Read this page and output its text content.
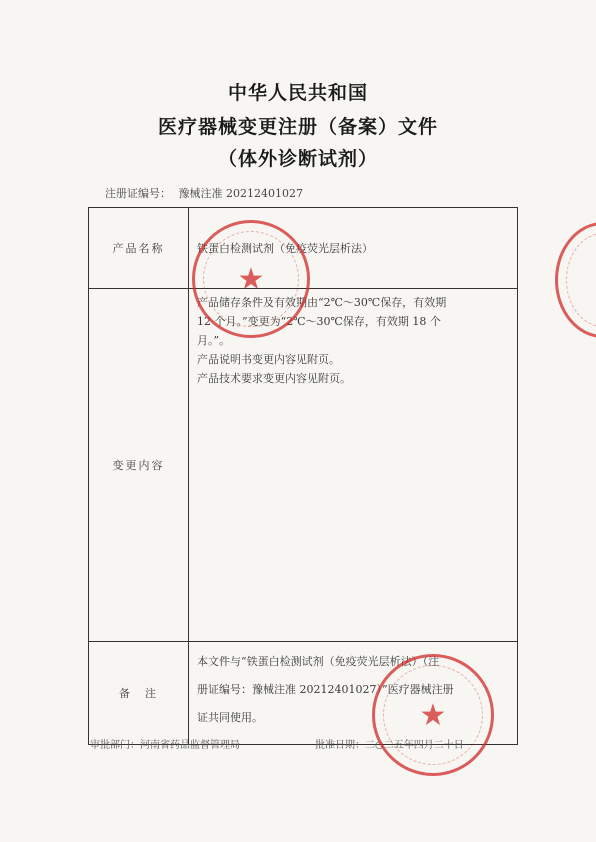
中华人民共和国
医疗器械变更注册（备案）文件
（体外诊断试剂）
注册证编号： 豫械注准 20212401027
产品名称	铁蛋白检测试剂（免疫荧光层析法）
变更内容	产品储存条件及有效期由“2℃～30℃保存，有效期
12 个月。”变更为“2℃～30℃保存，有效期 18 个
月。”。
产品说明书变更内容见附页。
产品技术要求变更内容见附页。

备　注	本文件与“铁蛋白检测试剂（免疫荧光层析法）（注
册证编号：豫械注准 20212401027）”医疗器械注册
证共同使用。
审批部门：河南省药品监督管理局	批准日期：二○二五年四月二十日
★
★
